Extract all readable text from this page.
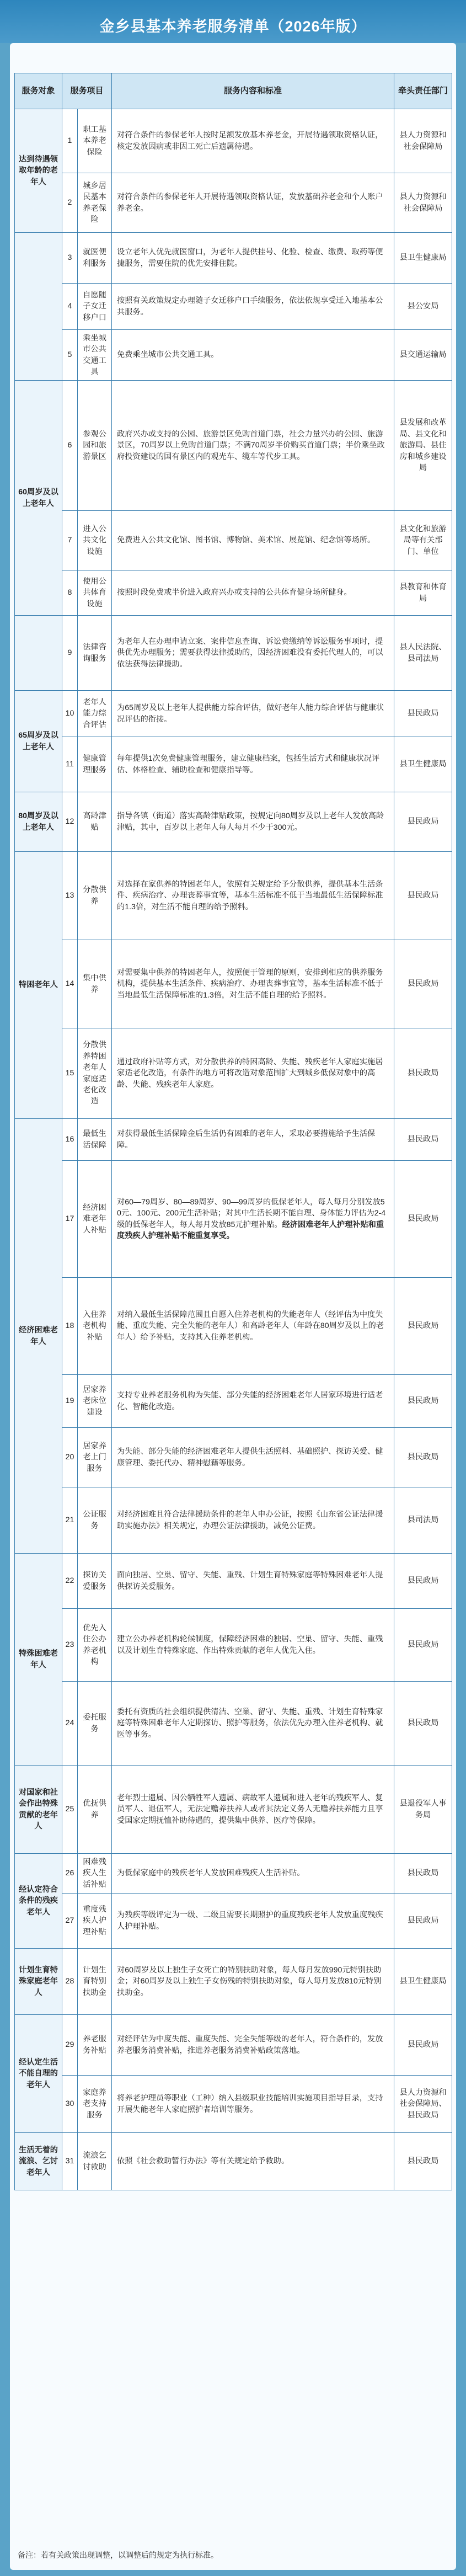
金乡县基本养老服务清单（2026年版）
服务对象	服务项目		服务内容和标准	牵头责任部门
达到待遇领取年龄的老年人	1	职工基本养老保险	对符合条件的参保老年人按时足额发放基本养老金，开展待遇领取资格认证，核定发放因病或非因工死亡后遗属待遇。	县人力资源和社会保障局
	2	城乡居民基本养老保险	对符合条件的参保老年人开展待遇领取资格认证，发放基础养老金和个人账户养老金。	县人力资源和社会保障局
	3	就医便利服务	设立老年人优先就医窗口，为老年人提供挂号、化验、检查、缴费、取药等便捷服务，需要住院的优先安排住院。	县卫生健康局
	4	自愿随子女迁移户口	按照有关政策规定办理随子女迁移户口手续服务，依法依规享受迁入地基本公共服务。	县公安局
	5	乘坐城市公共交通工具	免费乘坐城市公共交通工具。	县交通运输局
60周岁及以上老年人	6	参观公园和旅游景区	政府兴办或支持的公园、旅游景区免购首道门票，社会力量兴办的公园、旅游景区，70周岁以上免购首道门票；不满70周岁半价购买首道门票；半价乘坐政府投资建设的国有景区内的观光车、缆车等代步工具。	县发展和改革局、县文化和旅游局、县住房和城乡建设局
	7	进入公共文化设施	免费进入公共文化馆、图书馆、博物馆、美术馆、展览馆、纪念馆等场所。	县文化和旅游局等有关部门、单位
	8	使用公共体育设施	按照时段免费或半价进入政府兴办或支持的公共体育健身场所健身。	县教育和体育局
	9	法律咨询服务	为老年人在办理申请立案、案件信息查询、诉讼费缴纳等诉讼服务事项时，提供优先办理服务；需要获得法律援助的，因经济困难没有委托代理人的，可以依法获得法律援助。	县人民法院、县司法局
65周岁及以上老年人	10	老年人能力综合评估	为65周岁及以上老年人提供能力综合评估，做好老年人能力综合评估与健康状况评估的衔接。	县民政局
	11	健康管理服务	每年提供1次免费健康管理服务，建立健康档案，包括生活方式和健康状况评估、体格检查、辅助检查和健康指导等。	县卫生健康局
80周岁及以上老年人	12	高龄津贴	指导各镇（街道）落实高龄津贴政策，按规定向80周岁及以上老年人发放高龄津贴，其中，百岁以上老年人每人每月不少于300元。	县民政局
特困老年人	13	分散供养	对选择在家供养的特困老年人，依照有关规定给予分散供养，提供基本生活条件、疾病治疗、办理丧葬事宜等，基本生活标准不低于当地最低生活保障标准的1.3倍，对生活不能自理的给予照料。	县民政局
	14	集中供养	对需要集中供养的特困老年人，按照便于管理的原则，安排到相应的供养服务机构，提供基本生活条件、疾病治疗、办理丧葬事宜等，基本生活标准不低于当地最低生活保障标准的1.3倍，对生活不能自理的给予照料。	县民政局
	15	分散供养特困老年人家庭适老化改造	通过政府补贴等方式，对分散供养的特困高龄、失能、残疾老年人家庭实施居家适老化改造，有条件的地方可将改造对象范围扩大到城乡低保对象中的高龄、失能、残疾老年人家庭。	县民政局
经济困难老年人	16	最低生活保障	对获得最低生活保障金后生活仍有困难的老年人，采取必要措施给予生活保障。	县民政局
	17	经济困难老年人补贴	对60—79周岁、80—89周岁、90—99周岁的低保老年人，每人每月分别发放50元、100元、200元生活补贴；对其中生活长期不能自理、身体能力评估为2-4级的低保老年人，每人每月发放85元护理补贴。经济困难老年人护理补贴和重度残疾人护理补贴不能重复享受。	县民政局
	18	入住养老机构补贴	对纳入最低生活保障范围且自愿入住养老机构的失能老年人（经评估为中度失能、重度失能、完全失能的老年人）和高龄老年人（年龄在80周岁及以上的老年人）给予补贴，支持其入住养老机构。	县民政局
	19	居家养老床位建设	支持专业养老服务机构为失能、部分失能的经济困难老年人居家环境进行适老化、智能化改造。	县民政局
	20	居家养老上门服务	为失能、部分失能的经济困难老年人提供生活照料、基础照护、探访关爱、健康管理、委托代办、精神慰藉等服务。	县民政局
	21	公证服务	对经济困难且符合法律援助条件的老年人申办公证，按照《山东省公证法律援助实施办法》相关规定，办理公证法律援助，减免公证费。	县司法局
特殊困难老年人	22	探访关爱服务	面向独居、空巢、留守、失能、重残、计划生育特殊家庭等特殊困难老年人提供探访关爱服务。	县民政局
	23	优先入住公办养老机构	建立公办养老机构轮候制度，保障经济困难的独居、空巢、留守、失能、重残以及计划生育特殊家庭、作出特殊贡献的老年人优先入住。	县民政局
	24	委托服务	委托有资质的社会组织提供清洁、空巢、留守、失能、重残、计划生育特殊家庭等特殊困难老年人定期探访、照护等服务，依法优先办理入住养老机构、就医等事务。	县民政局
对国家和社会作出特殊贡献的老年人	25	优抚供养	老年烈士遗属、因公牺牲军人遗属、病故军人遗属和进入老年的残疾军人、复员军人、退伍军人，无法定赡养扶养人或者其法定义务人无赡养扶养能力且享受国家定期抚恤补助待遇的，提供集中供养、医疗等保障。	县退役军人事务局
经认定符合条件的残疾老年人	26	困难残疾人生活补贴	为低保家庭中的残疾老年人发放困难残疾人生活补贴。	县民政局
	27	重度残疾人护理补贴	为残疾等级评定为一级、二级且需要长期照护的重度残疾老年人发放重度残疾人护理补贴。	县民政局
计划生育特殊家庭老年人	28	计划生育特别扶助金	对60周岁及以上独生子女死亡的特别扶助对象，每人每月发放990元特别扶助金；对60周岁及以上独生子女伤残的特别扶助对象，每人每月发放810元特别扶助金。	县卫生健康局
经认定生活不能自理的老年人	29	养老服务补贴	对经评估为中度失能、重度失能、完全失能等级的老年人，符合条件的，发放养老服务消费补贴，推进养老服务消费补贴政策落地。	县民政局
	30	家庭养老支持服务	将养老护理员等职业（工种）纳入县级职业技能培训实施项目指导目录，支持开展失能老年人家庭照护者培训等服务。	县人力资源和社会保障局、县民政局
生活无着的流浪、乞讨老年人	31	流浪乞讨救助	依照《社会救助暂行办法》等有关规定给予救助。	县民政局
备注：若有关政策出现调整，以调整后的规定为执行标准。
